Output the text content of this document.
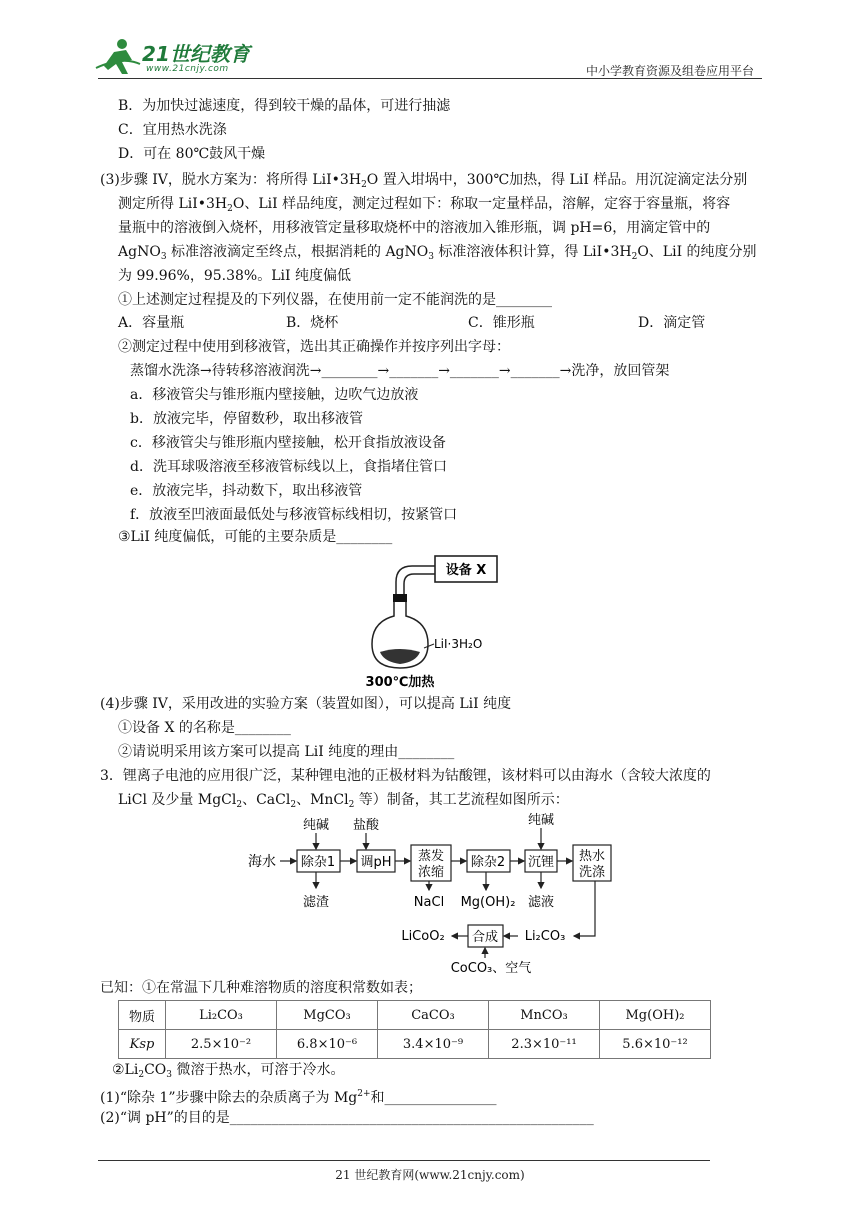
21世纪教育
www.21cnjy.com	中小学教育资源及组卷应用平台
B．为加快过滤速度，得到较干燥的晶体，可进行抽滤
C．宜用热水洗涤
D．可在 80℃鼓风干燥
(3)步骤 IV，脱水方案为：将所得 $LiI•3H_2O$ 置入坩埚中，300℃加热，得 LiI 样品。用沉淀滴定法分别
测定所得 $LiI•3H_2O$、LiI 样品纯度，测定过程如下：称取一定量样品，溶解，定容于容量瓶，将容
量瓶中的溶液倒入烧杯，用移液管定量移取烧杯中的溶液加入锥形瓶，调 pH=6，用滴定管中的
AgNO$_3$ 标准溶液滴定至终点，根据消耗的 AgNO$_3$ 标准溶液体积计算，得 $LiI•3H_2O$、LiI 的纯度分别
为 99.96%，95.38%。LiI 纯度偏低
①上述测定过程提及的下列仪器，在使用前一定不能润洗的是________
A．容量瓶	B．烧杯	C．锥形瓶	D．滴定管
②测定过程中使用到移液管，选出其正确操作并按序列出字母：
蒸馏水洗涤→待转移溶液润洗→________→_______→_______→_______→洗净，放回管架
a．移液管尖与锥形瓶内壁接触，边吹气边放液
b．放液完毕，停留数秒，取出移液管
c．移液管尖与锥形瓶内壁接触，松开食指放液设备
d．洗耳球吸溶液至移液管标线以上，食指堵住管口
e．放液完毕，抖动数下，取出移液管
f．放液至凹液面最低处与移液管标线相切，按紧管口
③LiI 纯度偏低，可能的主要杂质是________
设备 X
LiI·3H₂O
300℃加热
(4)步骤 IV，采用改进的实验方案（装置如图），可以提高 LiI 纯度
①设备 X 的名称是________
②请说明采用该方案可以提高 LiI 纯度的理由________
3．锂离子电池的应用很广泛，某种锂电池的正极材料为钴酸锂，该材料可以由海水（含较大浓度的
LiCl 及少量 MgCl$_2$、CaCl$_2$、MnCl$_2$ 等）制备，其工艺流程如图所示：
海水 除杂1 调pH 蒸发
浓缩
除杂2 沉锂 热水
洗涤
纯碱 盐酸	纯碱
滤渣	NaCl Mg(OH)₂ 滤液
Li₂CO₃
合成
LiCoO₂
CoCO₃、空气
已知：①在常温下几种难溶物质的溶度积常数如表；
物质	Li₂CO₃	MgCO₃	CaCO₃	MnCO₃	Mg(OH)₂
Ksp	2.5×10⁻²	6.8×10⁻⁶	3.4×10⁻⁹	2.3×10⁻¹¹	5.6×10⁻¹²
$②Li_2CO_3$ 微溶于热水，可溶于冷水。
(1)“除杂 1”步骤中除去的杂质离子为 $Mg^{2+}$和________________
(2)“调 pH”的目的是____________________________________________________
21 世纪教育网(www.21cnjy.com)
